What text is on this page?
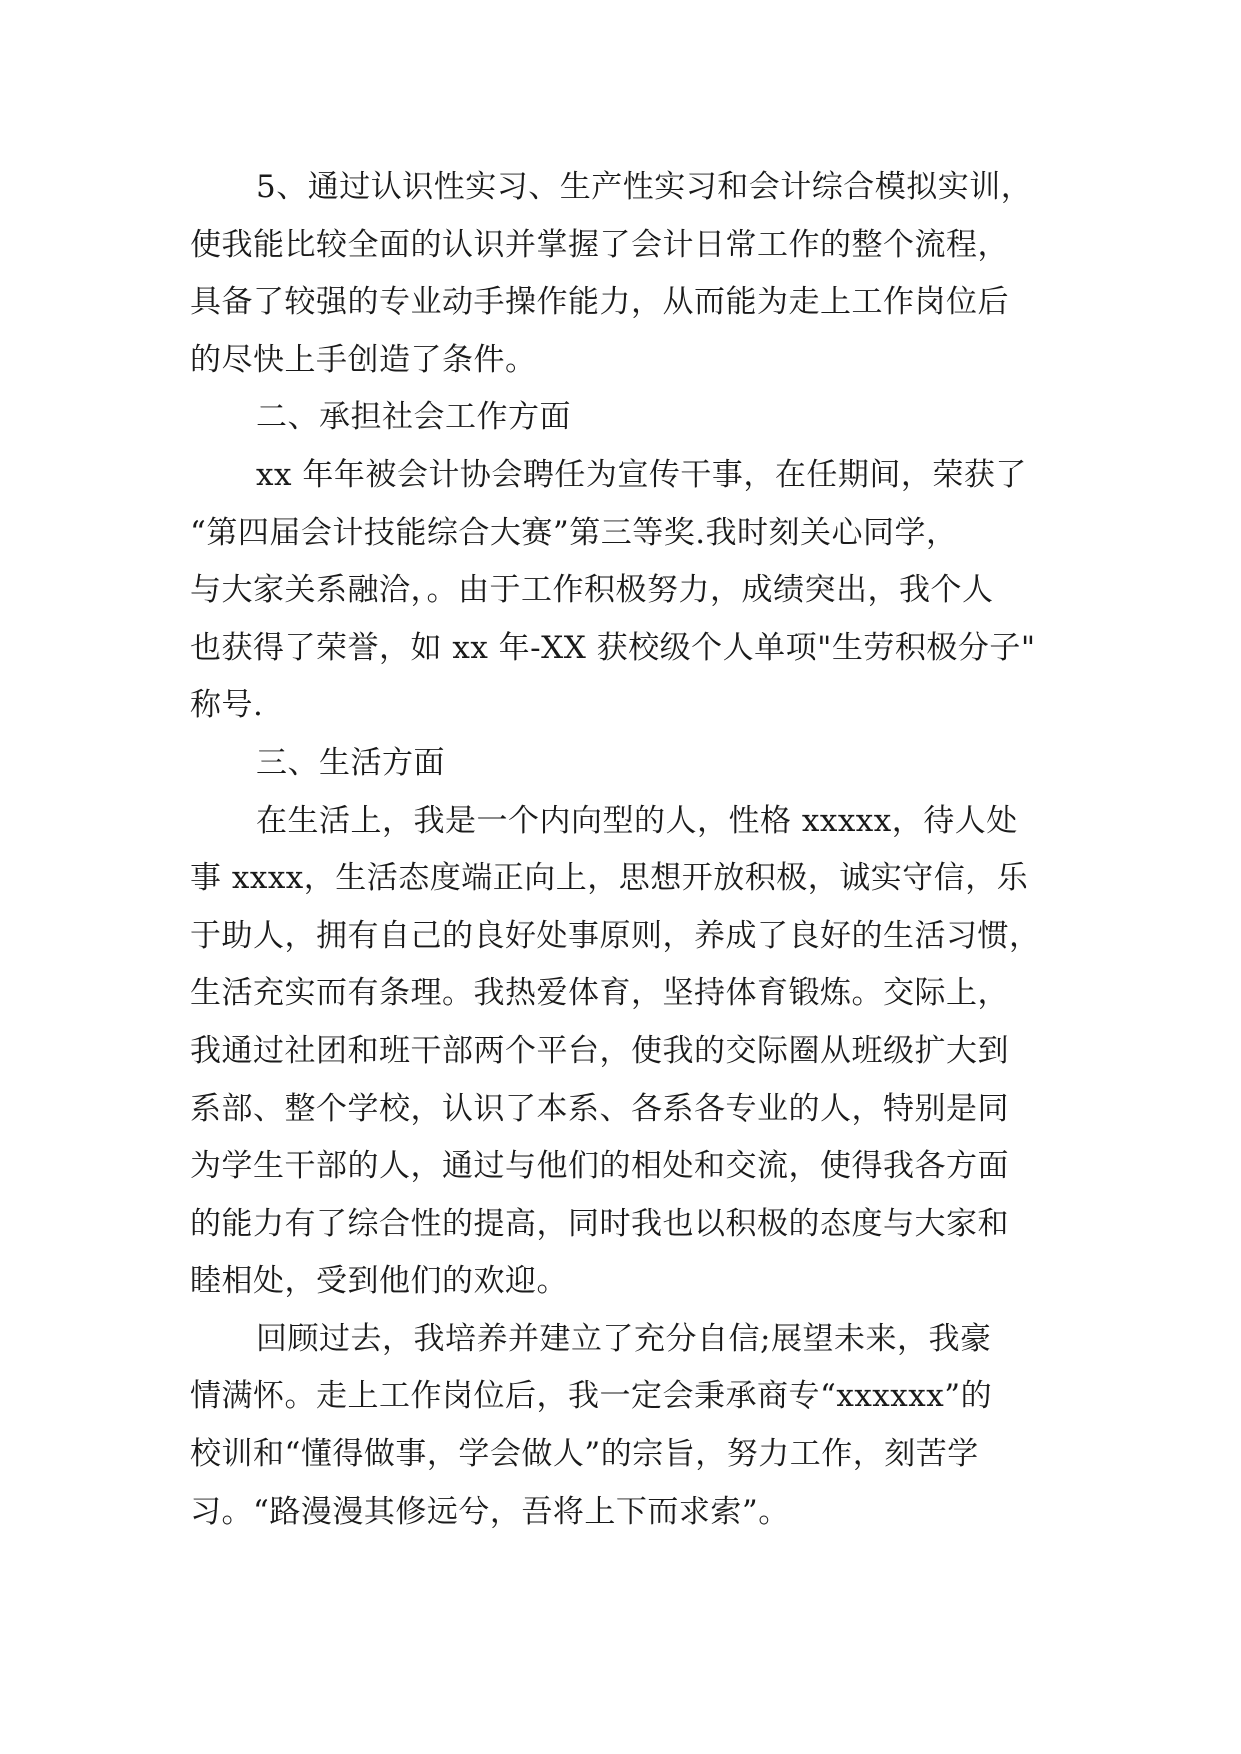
5、通过认识性实习、生产性实习和会计综合模拟实训，
使我能比较全面的认识并掌握了会计日常工作的整个流程，
具备了较强的专业动手操作能力，从而能为走上工作岗位后
的尽快上手创造了条件。
二、承担社会工作方面
xx 年年被会计协会聘任为宣传干事，在任期间，荣获了
“第四届会计技能综合大赛”第三等奖.我时刻关心同学，
与大家关系融洽，。由于工作积极努力，成绩突出，我个人
也获得了荣誉，如 xx 年-XX 获校级个人单项"生劳积极分子"
称号.
三、生活方面
在生活上，我是一个内向型的人，性格 xxxxx，待人处
事 xxxx，生活态度端正向上，思想开放积极，诚实守信，乐
于助人，拥有自己的良好处事原则，养成了良好的生活习惯，
生活充实而有条理。我热爱体育，坚持体育锻炼。交际上，
我通过社团和班干部两个平台，使我的交际圈从班级扩大到
系部、整个学校，认识了本系、各系各专业的人，特别是同
为学生干部的人，通过与他们的相处和交流，使得我各方面
的能力有了综合性的提高，同时我也以积极的态度与大家和
睦相处，受到他们的欢迎。
回顾过去，我培养并建立了充分自信;展望未来，我豪
情满怀。走上工作岗位后，我一定会秉承商专“xxxxxx”的
校训和“懂得做事，学会做人”的宗旨，努力工作，刻苦学
习。“路漫漫其修远兮，吾将上下而求索”。
